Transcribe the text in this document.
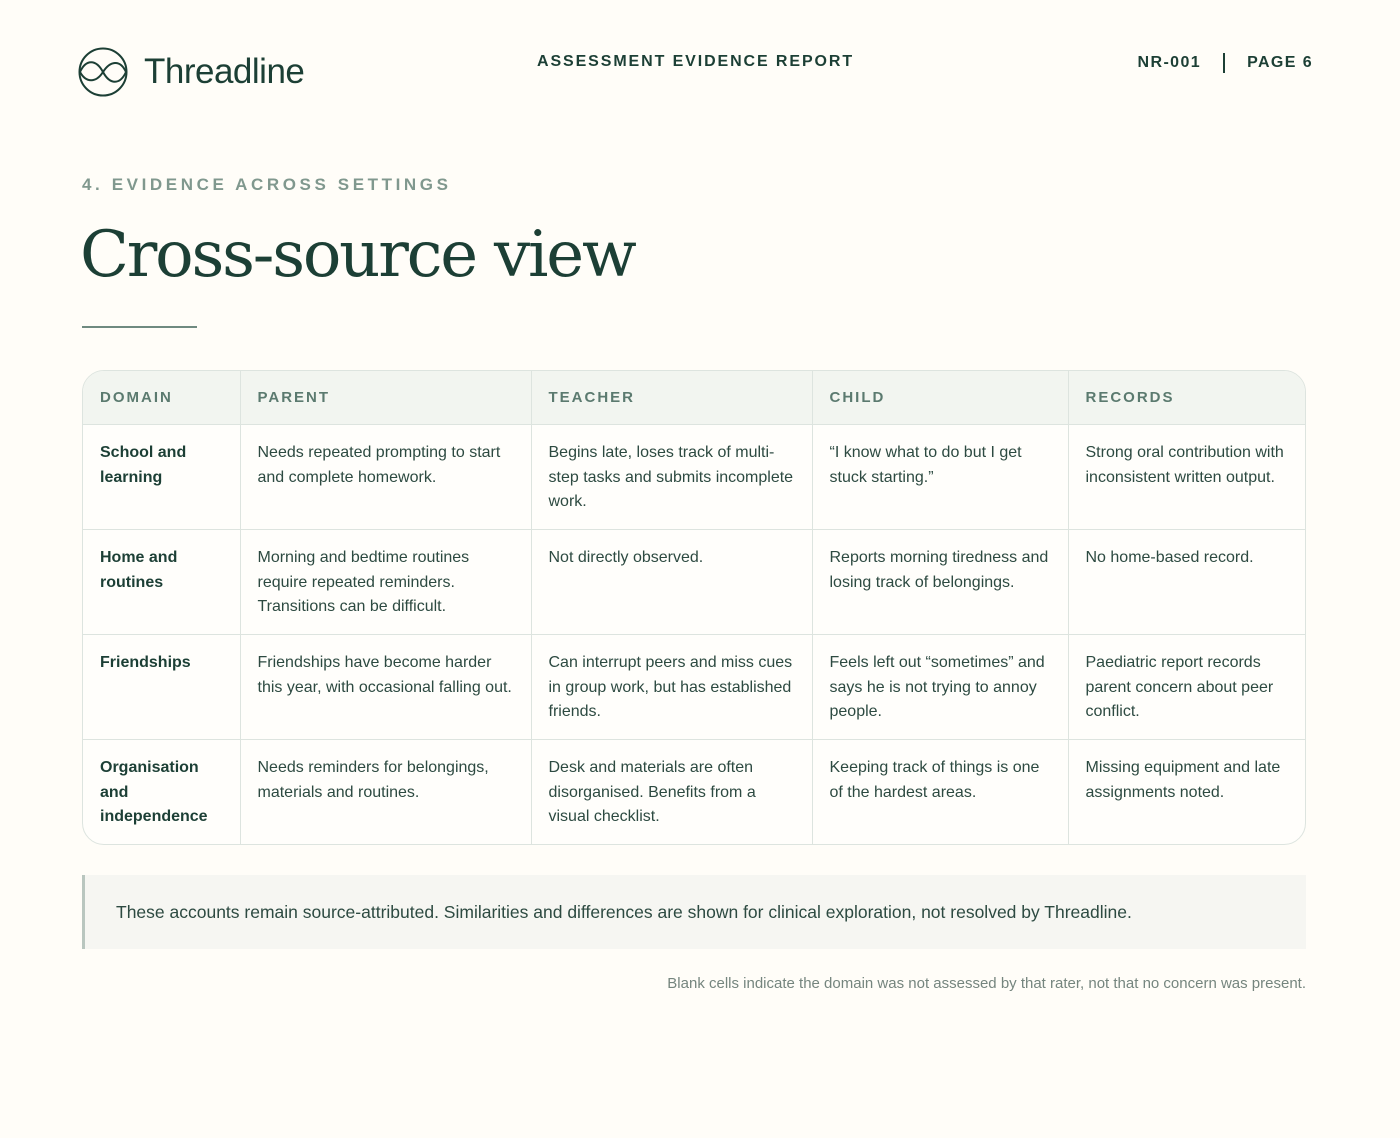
Threadline	ASSESSMENT EVIDENCE REPORT	NR-001	PAGE 6
4. EVIDENCE ACROSS SETTINGS
Cross-source view
DOMAIN	PARENT	TEACHER	CHILD	RECORDS
School and learning	Needs repeated prompting to start and complete homework.	Begins late, loses track of multi-step tasks and submits incomplete work.	“I know what to do but I get stuck starting.”	Strong oral contribution with inconsistent written output.
Home and routines	Morning and bedtime routines require repeated reminders. Transitions can be difficult.	Not directly observed.	Reports morning tiredness and losing track of belongings.	No home-based record.
Friendships	Friendships have become harder this year, with occasional falling out.	Can interrupt peers and miss cues in group work, but has established friends.	Feels left out “sometimes” and says he is not trying to annoy people.	Paediatric report records parent concern about peer conflict.
Organisation and independence	Needs reminders for belongings, materials and routines.	Desk and materials are often disorganised. Benefits from a visual checklist.	Keeping track of things is one of the hardest areas.	Missing equipment and late assignments noted.
These accounts remain source-attributed. Similarities and differences are shown for clinical exploration, not resolved by Threadline.
Blank cells indicate the domain was not assessed by that rater, not that no concern was present.
